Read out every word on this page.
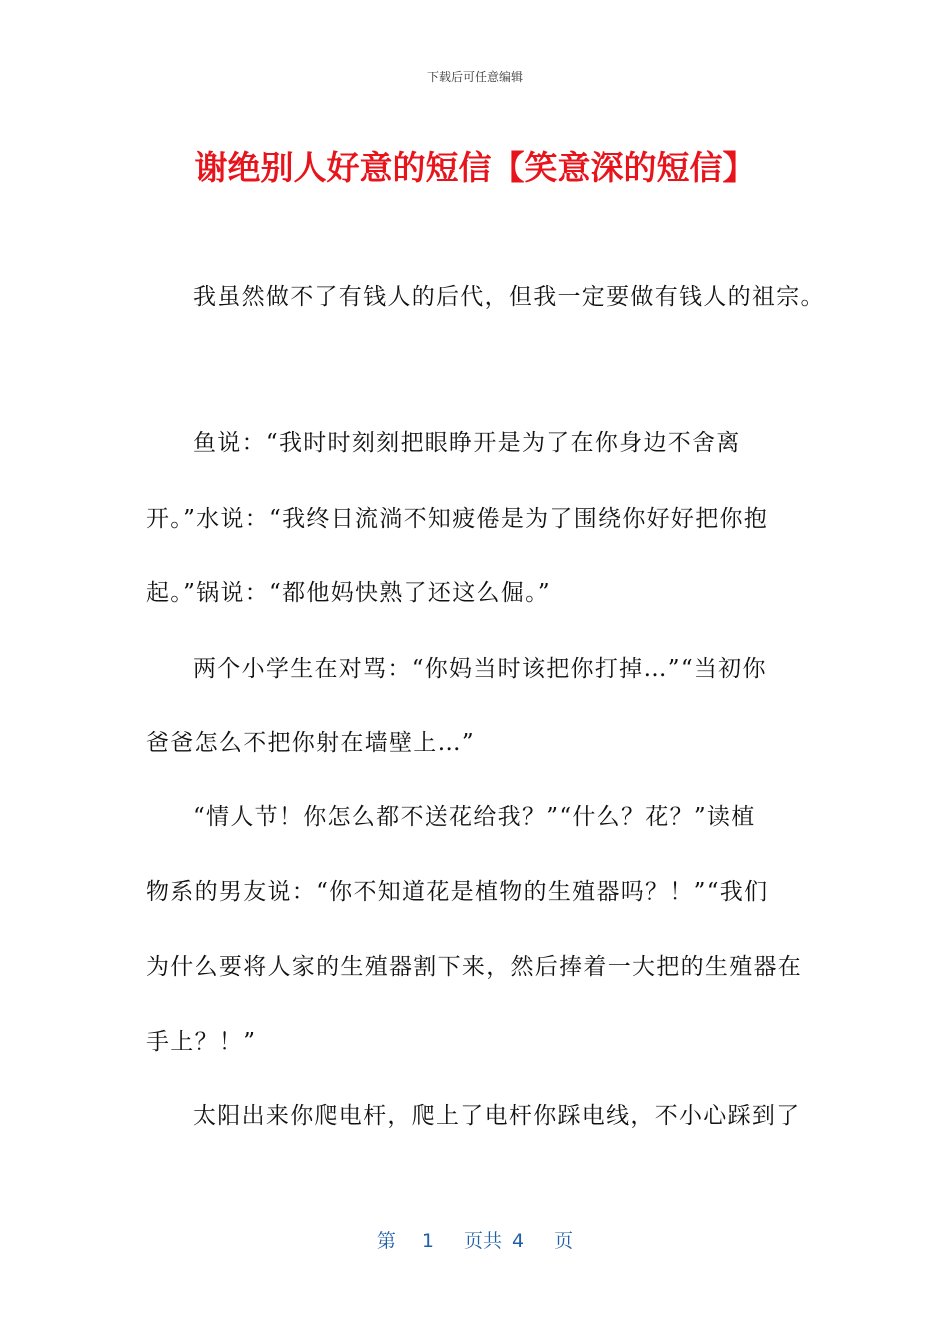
下载后可任意编辑
谢绝别人好意的短信【笑意深的短信】
我虽然做不了有钱人的后代，但我一定要做有钱人的祖宗。
鱼说：“我时时刻刻把眼睁开是为了在你身边不舍离
开。”水说：“我终日流淌不知疲倦是为了围绕你好好把你抱
起。”锅说：“都他妈快熟了还这么倔。”
两个小学生在对骂：“你妈当时该把你打掉…”“当初你
爸爸怎么不把你射在墙壁上…”
“情人节！你怎么都不送花给我？”“什么？花？”读植
物系的男友说：“你不知道花是植物的生殖器吗？！”“我们
为什么要将人家的生殖器割下来，然后捧着一大把的生殖器在
手上？！”
太阳出来你爬电杆，爬上了电杆你踩电线，不小心踩到了
第 1 页共 4 页
